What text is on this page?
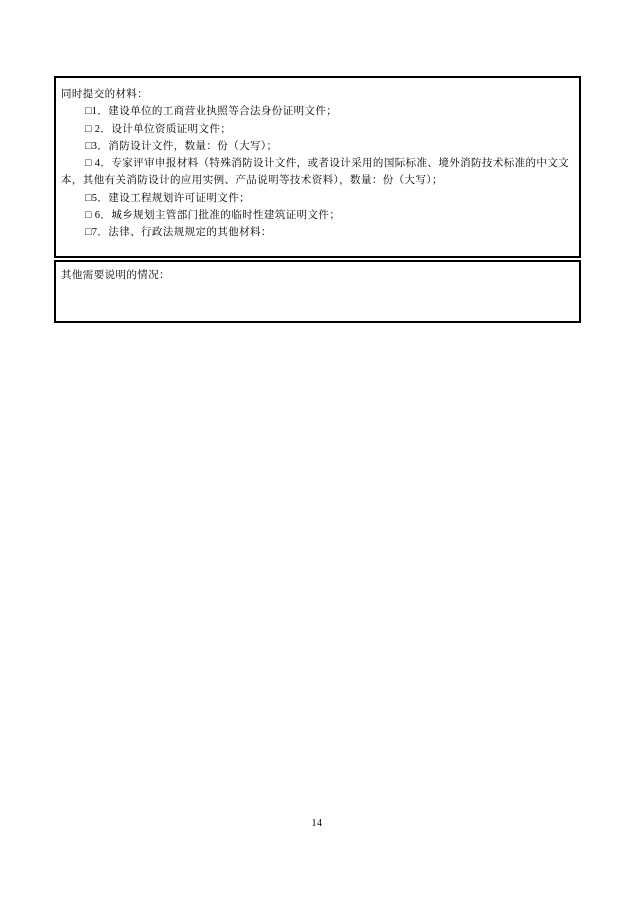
同时提交的材料：

□1．建设单位的工商营业执照等合法身份证明文件；

□ 2．设计单位资质证明文件；

□3．消防设计文件，数量：份（大写）；

□ 4．专家评审申报材料（特殊消防设计文件，或者设计采用的国际标准、境外消防技术标准的中文文本，其他有关消防设计的应用实例、产品说明等技术资料），数量：份（大写）；

□5．建设工程规划许可证明文件；

□ 6．城乡规划主管部门批准的临时性建筑证明文件；

□7．法律、行政法规规定的其他材料：

其他需要说明的情况：

14
